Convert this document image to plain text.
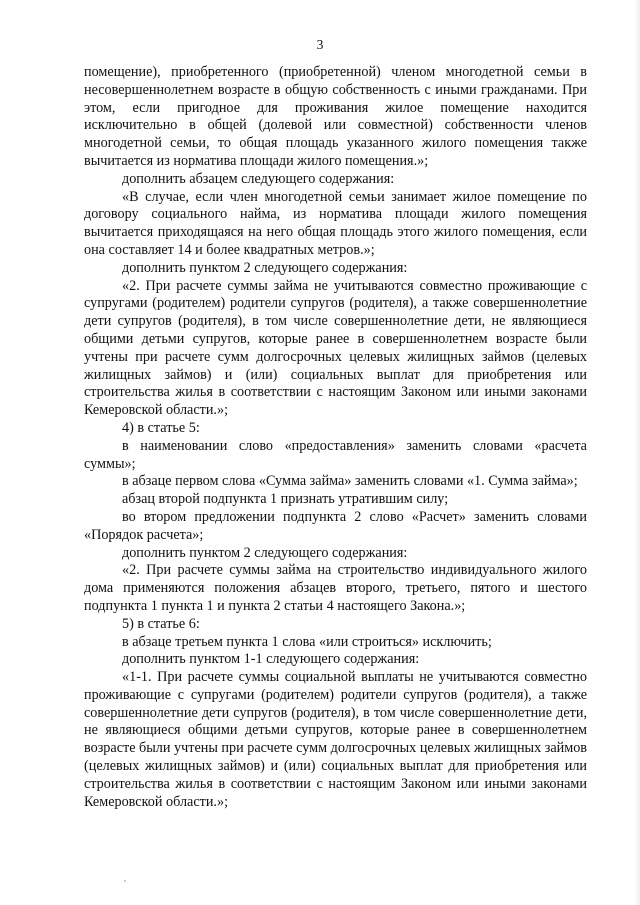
3

помещение), приобретенного (приобретенной) членом многодетной семьи в несовершеннолетнем возрасте в общую собственность с иными гражданами. При этом, если пригодное для проживания жилое помещение находится исключительно в общей (долевой или совместной) собственности членов многодетной семьи, то общая площадь указанного жилого помещения также вычитается из норматива площади жилого помещения.»;

дополнить абзацем следующего содержания:

«В случае, если член многодетной семьи занимает жилое помещение по договору социального найма, из норматива площади жилого помещения вычитается приходящаяся на него общая площадь этого жилого помещения, если она составляет 14 и более квадратных метров.»;

дополнить пунктом 2 следующего содержания:

«2. При расчете суммы займа не учитываются совместно проживающие с супругами (родителем) родители супругов (родителя), а также совершеннолетние дети супругов (родителя), в том числе совершеннолетние дети, не являющиеся общими детьми супругов, которые ранее в совершеннолетнем возрасте были учтены при расчете сумм долгосрочных целевых жилищных займов (целевых жилищных займов) и (или) социальных выплат для приобретения или строительства жилья в соответствии с настоящим Законом или иными законами Кемеровской области.»;

4) в статье 5:

в наименовании слово «предоставления» заменить словами «расчета суммы»;

в абзаце первом слова «Сумма займа» заменить словами «1. Сумма займа»;

абзац второй подпункта 1 признать утратившим силу;

во втором предложении подпункта 2 слово «Расчет» заменить словами «Порядок расчета»;

дополнить пунктом 2 следующего содержания:

«2. При расчете суммы займа на строительство индивидуального жилого дома применяются положения абзацев второго, третьего, пятого и шестого подпункта 1 пункта 1 и пункта 2 статьи 4 настоящего Закона.»;

5) в статье 6:

в абзаце третьем пункта 1 слова «или строиться» исключить;

дополнить пунктом 1-1 следующего содержания:

«1-1. При расчете суммы социальной выплаты не учитываются совместно проживающие с супругами (родителем) родители супругов (родителя), а также совершеннолетние дети супругов (родителя), в том числе совершеннолетние дети, не являющиеся общими детьми супругов, которые ранее в совершеннолетнем возрасте были учтены при расчете сумм долгосрочных целевых жилищных займов (целевых жилищных займов) и (или) социальных выплат для приобретения или строительства жилья в соответствии с настоящим Законом или иными законами Кемеровской области.»;
